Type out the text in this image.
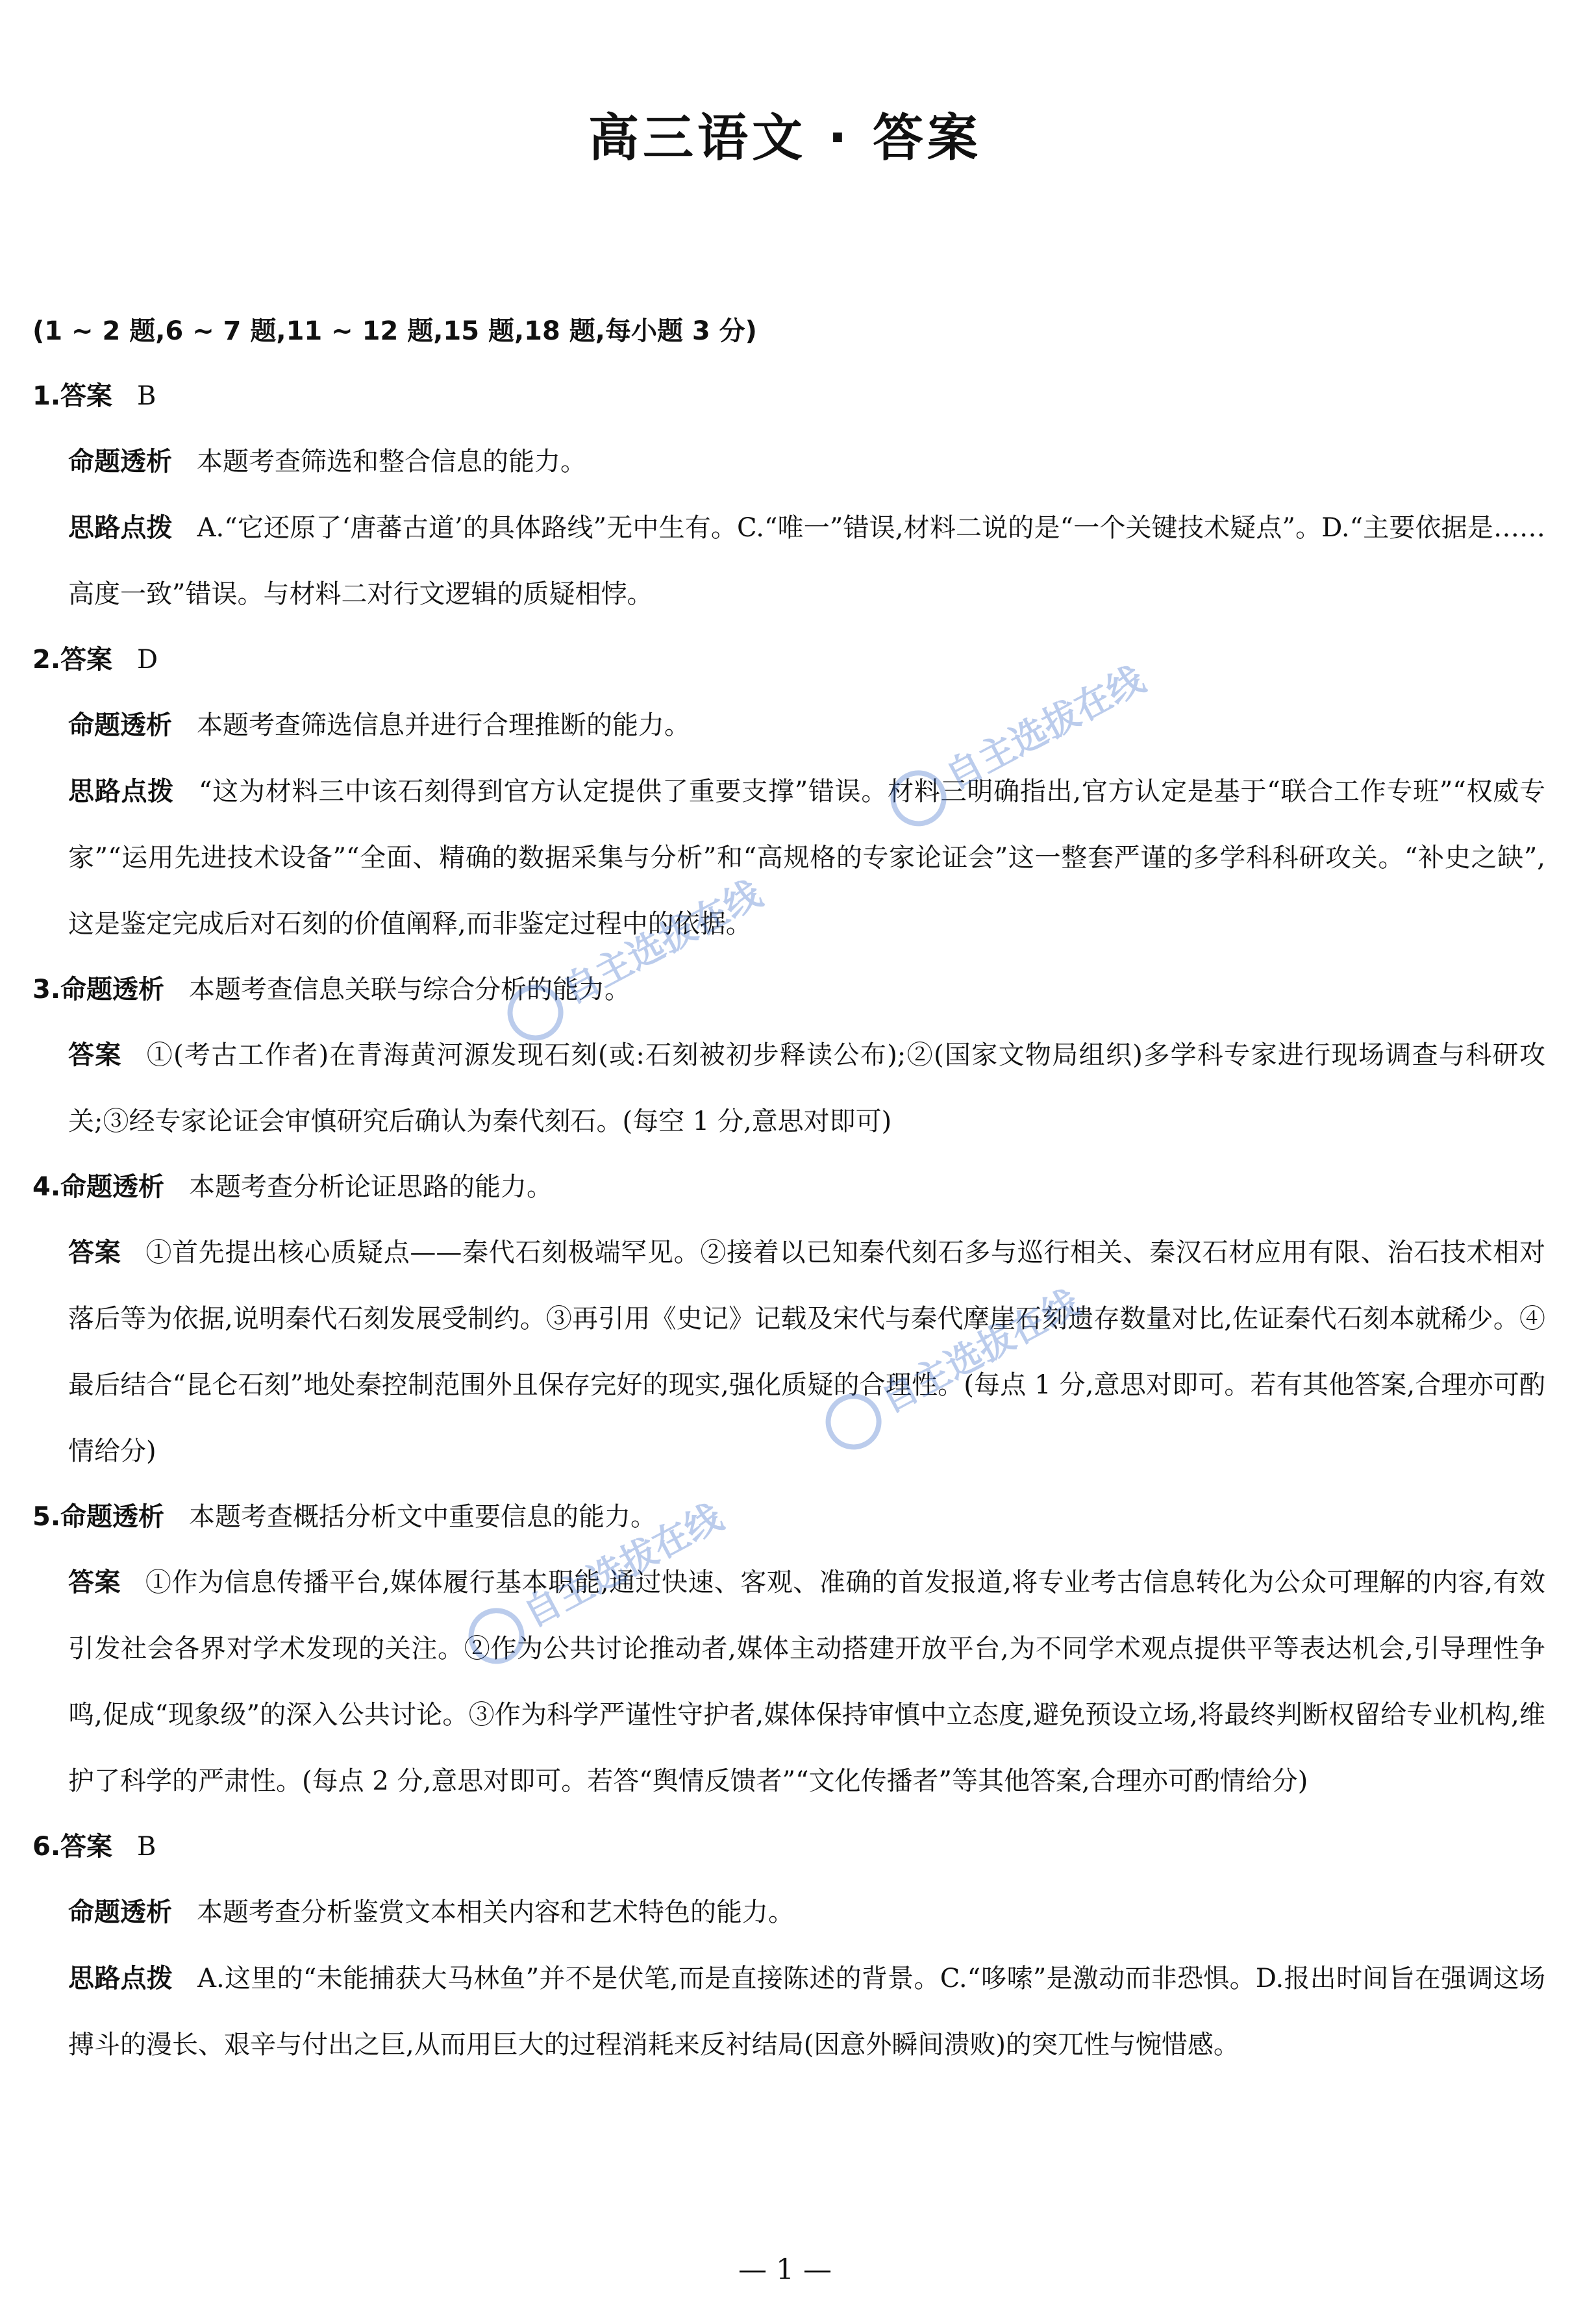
高三语文 · 答案
(1 ~ 2 题,6 ~ 7 题,11 ~ 12 题,15 题,18 题,每小题 3 分)
1.答案 B
命题透析 本题考查筛选和整合信息的能力。
思路点拨 A.“它还原了‘唐蕃古道’的具体路线”无中生有。C.“唯一”错误,材料二说的是“一个关键技术疑点”。D.“主要依据是……高度一致”错误。与材料二对行文逻辑的质疑相悖。
2.答案 D
命题透析 本题考查筛选信息并进行合理推断的能力。
思路点拨 “这为材料三中该石刻得到官方认定提供了重要支撑”错误。材料三明确指出,官方认定是基于“联合工作专班”“权威专家”“运用先进技术设备”“全面、精确的数据采集与分析”和“高规格的专家论证会”这一整套严谨的多学科科研攻关。“补史之缺”,这是鉴定完成后对石刻的价值阐释,而非鉴定过程中的依据。
3.命题透析 本题考查信息关联与综合分析的能力。
答案 ①(考古工作者)在青海黄河源发现石刻(或:石刻被初步释读公布);②(国家文物局组织)多学科专家进行现场调查与科研攻关;③经专家论证会审慎研究后确认为秦代刻石。(每空 1 分,意思对即可)
4.命题透析 本题考查分析论证思路的能力。
答案 ①首先提出核心质疑点——秦代石刻极端罕见。②接着以已知秦代刻石多与巡行相关、秦汉石材应用有限、治石技术相对落后等为依据,说明秦代石刻发展受制约。③再引用《史记》记载及宋代与秦代摩崖石刻遗存数量对比,佐证秦代石刻本就稀少。④最后结合“昆仑石刻”地处秦控制范围外且保存完好的现实,强化质疑的合理性。(每点 1 分,意思对即可。若有其他答案,合理亦可酌情给分)
5.命题透析 本题考查概括分析文中重要信息的能力。
答案 ①作为信息传播平台,媒体履行基本职能,通过快速、客观、准确的首发报道,将专业考古信息转化为公众可理解的内容,有效引发社会各界对学术发现的关注。②作为公共讨论推动者,媒体主动搭建开放平台,为不同学术观点提供平等表达机会,引导理性争鸣,促成“现象级”的深入公共讨论。③作为科学严谨性守护者,媒体保持审慎中立态度,避免预设立场,将最终判断权留给专业机构,维护了科学的严肃性。(每点 2 分,意思对即可。若答“舆情反馈者”“文化传播者”等其他答案,合理亦可酌情给分)
6.答案 B
命题透析 本题考查分析鉴赏文本相关内容和艺术特色的能力。
思路点拨 A.这里的“未能捕获大马林鱼”并不是伏笔,而是直接陈述的背景。C.“哆嗦”是激动而非恐惧。D.报出时间旨在强调这场搏斗的漫长、艰辛与付出之巨,从而用巨大的过程消耗来反衬结局(因意外瞬间溃败)的突兀性与惋惜感。
自主选拔在线
自主选拔在线
自主选拔在线
自主选拔在线
— 1 —
